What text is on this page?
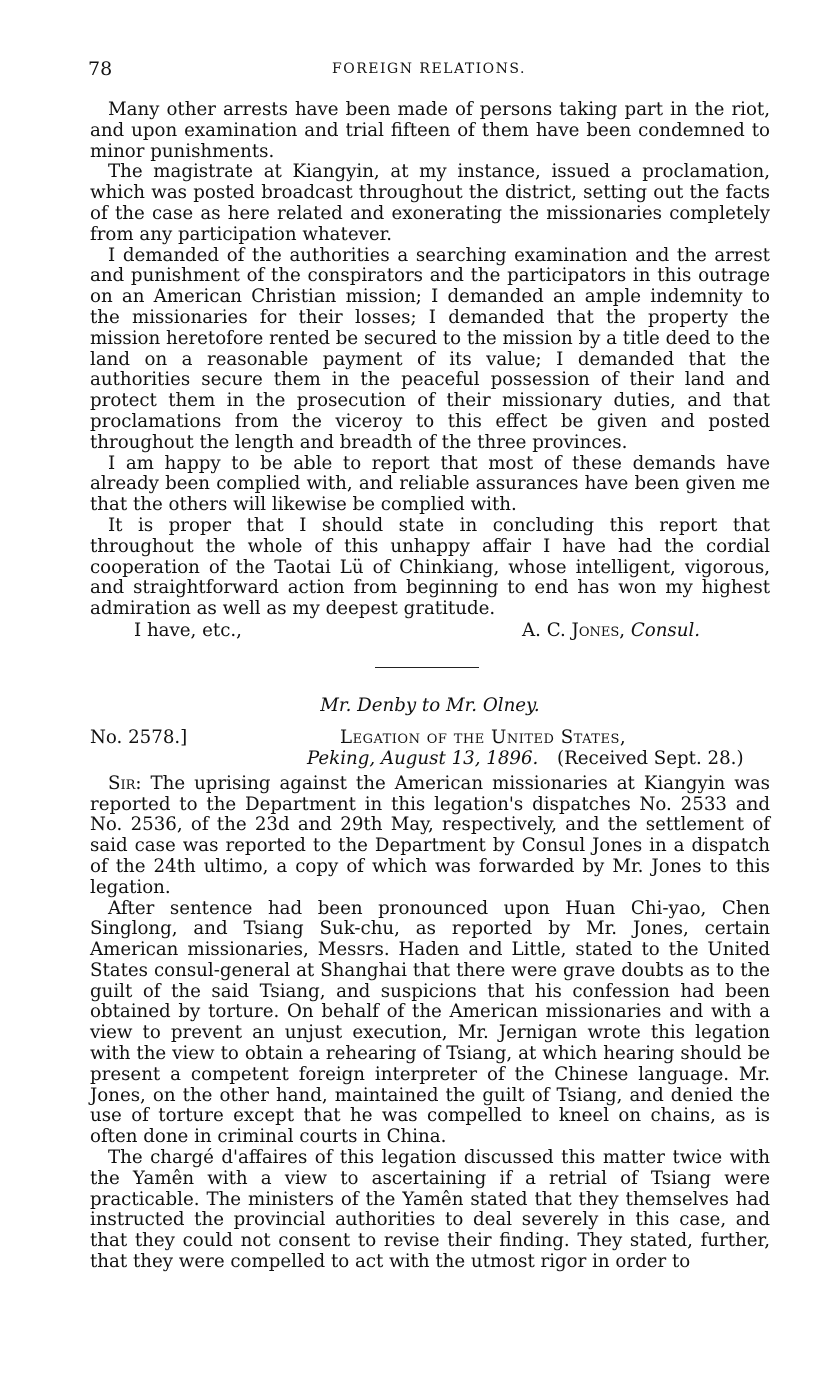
78	FOREIGN RELATIONS.

Many other arrests have been made of persons taking part in the riot, and upon examination and trial fifteen of them have been condemned to minor punishments.

The magistrate at Kiangyin, at my instance, issued a proclamation, which was posted broadcast throughout the district, setting out the facts of the case as here related and exonerating the missionaries completely from any participation whatever.

I demanded of the authorities a searching examination and the arrest and punishment of the conspirators and the participators in this outrage on an American Christian mission; I demanded an ample indemnity to the missionaries for their losses; I demanded that the property the mission heretofore rented be secured to the mission by a title deed to the land on a reasonable payment of its value; I demanded that the authorities secure them in the peaceful possession of their land and protect them in the prosecution of their missionary duties, and that proclamations from the viceroy to this effect be given and posted throughout the length and breadth of the three provinces.

I am happy to be able to report that most of these demands have already been complied with, and reliable assurances have been given me that the others will likewise be complied with.

It is proper that I should state in concluding this report that throughout the whole of this unhappy affair I have had the cordial cooperation of the Taotai Lü of Chinkiang, whose intelligent, vigorous, and straightforward action from beginning to end has won my highest admiration as well as my deepest gratitude.

I have, etc.,	A. C. Jones, Consul.
Mr. Denby to Mr. Olney.
No. 2578.]	Legation of the United States,
Peking, August 13, 1896. (Received Sept. 28.)

Sir: The uprising against the American missionaries at Kiangyin was reported to the Department in this legation's dispatches No. 2533 and No. 2536, of the 23d and 29th May, respectively, and the settlement of said case was reported to the Department by Consul Jones in a dispatch of the 24th ultimo, a copy of which was forwarded by Mr. Jones to this legation.

After sentence had been pronounced upon Huan Chi-yao, Chen Singlong, and Tsiang Suk-chu, as reported by Mr. Jones, certain American missionaries, Messrs. Haden and Little, stated to the United States consul-general at Shanghai that there were grave doubts as to the guilt of the said Tsiang, and suspicions that his confession had been obtained by torture. On behalf of the American missionaries and with a view to prevent an unjust execution, Mr. Jernigan wrote this legation with the view to obtain a rehearing of Tsiang, at which hearing should be present a competent foreign interpreter of the Chinese language. Mr. Jones, on the other hand, maintained the guilt of Tsiang, and denied the use of torture except that he was compelled to kneel on chains, as is often done in criminal courts in China.

The chargé d'affaires of this legation discussed this matter twice with the Yamên with a view to ascertaining if a retrial of Tsiang were practicable. The ministers of the Yamên stated that they themselves had instructed the provincial authorities to deal severely in this case, and that they could not consent to revise their finding. They stated, further, that they were compelled to act with the utmost rigor in order to
